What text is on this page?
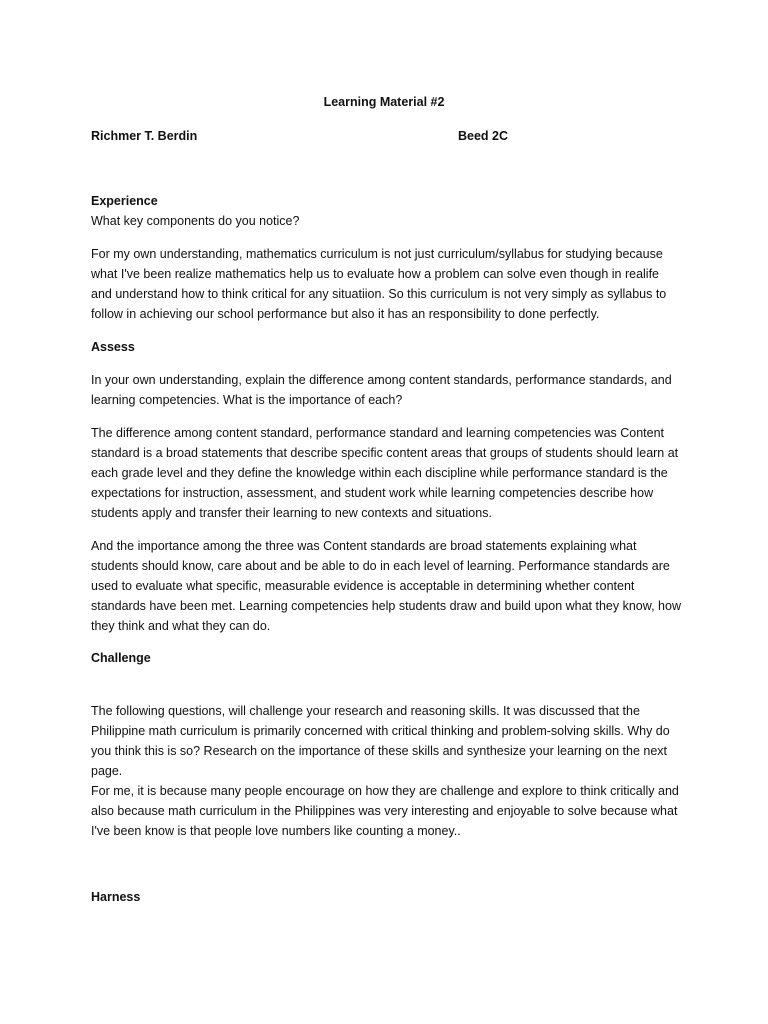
Learning Material #2

Richmer T. Berdin	Beed 2C

Experience

What key components do you notice?

For my own understanding, mathematics curriculum is not just curriculum/syllabus for studying because what I've been realize mathematics help us to evaluate how a problem can solve even though in realife and understand how to think critical for any situatiion. So this curriculum is not very simply as syllabus to follow in achieving our school performance but also it has an responsibility to done perfectly.

Assess

In your own understanding, explain the difference among content standards, performance standards, and learning competencies. What is the importance of each?

The difference among content standard, performance standard and learning competencies was Content standard is a broad statements that describe specific content areas that groups of students should learn at each grade level and they define the knowledge within each discipline while performance standard is the expectations for instruction, assessment, and student work while learning competencies describe how students apply and transfer their learning to new contexts and situations.

And the importance among the three was Content standards are broad statements explaining what students should know, care about and be able to do in each level of learning. Performance standards are used to evaluate what specific, measurable evidence is acceptable in determining whether content standards have been met. Learning competencies help students draw and build upon what they know, how they think and what they can do.

Challenge

The following questions, will challenge your research and reasoning skills. It was discussed that the Philippine math curriculum is primarily concerned with critical thinking and problem-solving skills. Why do you think this is so? Research on the importance of these skills and synthesize your learning on the next page.

For me, it is because many people encourage on how they are challenge and explore to think critically and also because math curriculum in the Philippines was very interesting and enjoyable to solve because what I've been know is that people love numbers like counting a money..

Harness
